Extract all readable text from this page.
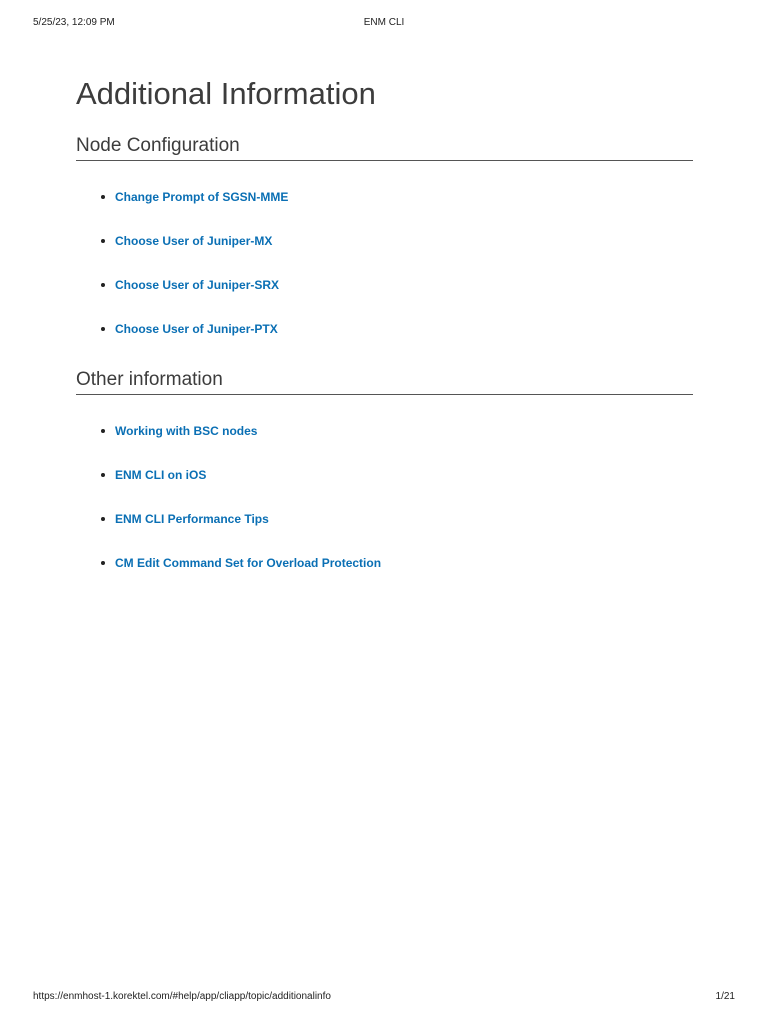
5/25/23, 12:09 PM	ENM CLI
Additional Information
Node Configuration
Change Prompt of SGSN-MME
Choose User of Juniper-MX
Choose User of Juniper-SRX
Choose User of Juniper-PTX
Other information
Working with BSC nodes
ENM CLI on iOS
ENM CLI Performance Tips
CM Edit Command Set for Overload Protection
https://enmhost-1.korektel.com/#help/app/cliapp/topic/additionalinfo	1/21
